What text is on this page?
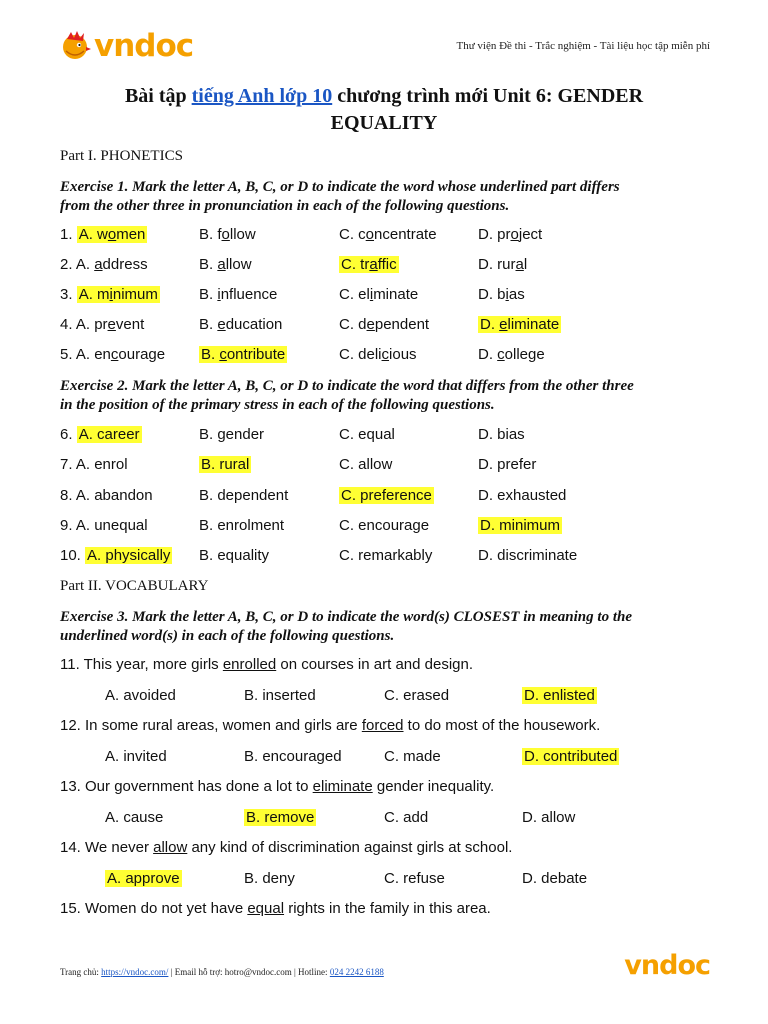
vndoc	Thư viện Đề thi - Trắc nghiệm - Tài liệu học tập miễn phí
Bài tập tiếng Anh lớp 10 chương trình mới Unit 6: GENDER
EQUALITY
Part I. PHONETICS
Exercise 1. Mark the letter A, B, C, or D to indicate the word whose underlined part differs
from the other three in pronunciation in each of the following questions.
1. A. women	B. follow	C. concentrate	D. project
2. A. address	B. allow	C. traffic	D. rural
3. A. minimum	B. influence	C. eliminate	D. bias
4. A. prevent	B. education	C. dependent	D. eliminate
5. A. encourage B. contribute	C. delicious	D. college
Exercise 2. Mark the letter A, B, C, or D to indicate the word that differs from the other three
in the position of the primary stress in each of the following questions.
6. A. career	B. gender	C. equal	D. bias
7. A. enrol	B. rural	C. allow	D. prefer
8. A. abandon	B. dependent	C. preference	D. exhausted
9. A. unequal	B. enrolment	C. encourage	D. minimum
10. A. physically B. equality	C. remarkably	D. discriminate
Part II. VOCABULARY
Exercise 3. Mark the letter A, B, C, or D to indicate the word(s) CLOSEST in meaning to the
underlined word(s) in each of the following questions.
11. This year, more girls enrolled on courses in art and design.
A. avoided	B. inserted	C. erased	D. enlisted
12. In some rural areas, women and girls are forced to do most of the housework.
A. invited	B. encouraged	C. made	D. contributed
13. Our government has done a lot to eliminate gender inequality.
A. cause	B. remove	C. add	D. allow
14. We never allow any kind of discrimination against girls at school.
A. approve	B. deny	C. refuse	D. debate
15. Women do not yet have equal rights in the family in this area.
Trang chủ: https://vndoc.com/ | Email hỗ trợ: hotro@vndoc.com | Hotline: 024 2242 6188	vndoc
